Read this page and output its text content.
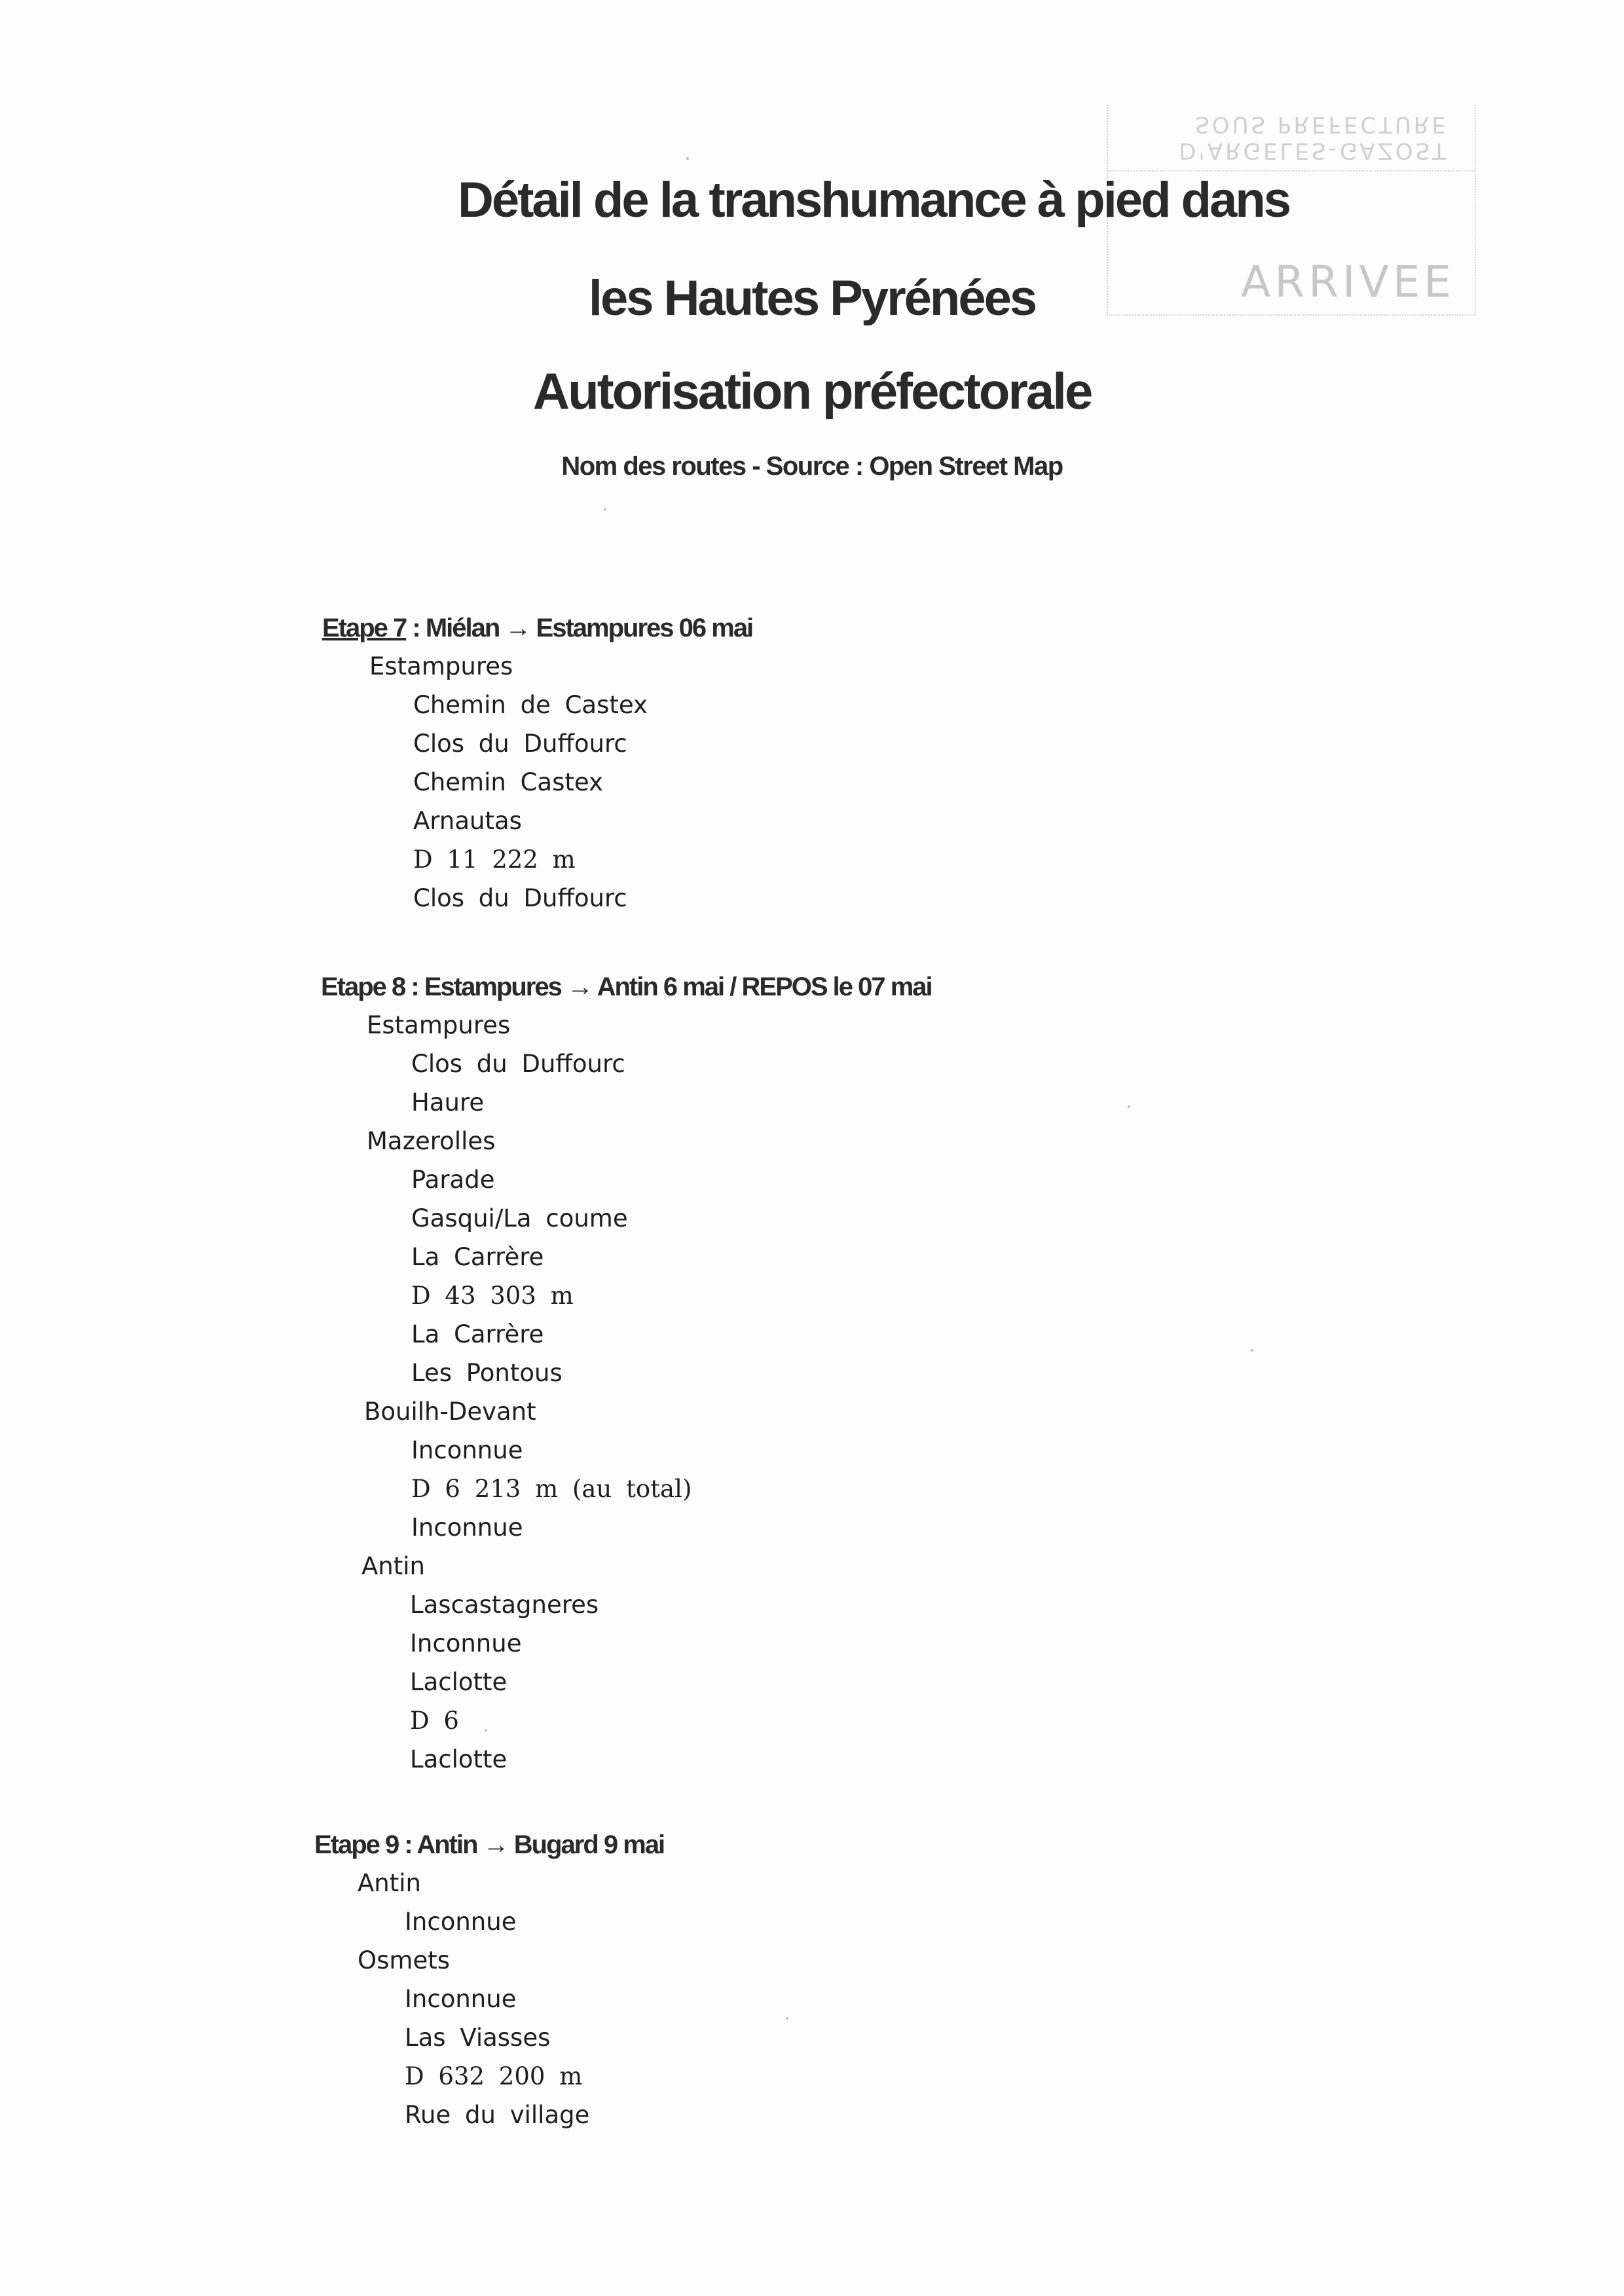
SOUS PREFECTURE
D'ARGELES-GAZOST
ARRIVEE
Détail de la transhumance à pied dans
les Hautes Pyrénées
Autorisation préfectorale
Nom des routes - Source : Open Street Map
Etape 7 : Miélan → Estampures 06 mai
Estampures
Chemin de Castex
Clos du Duffourc
Chemin Castex
Arnautas
D 11 222 m
Clos du Duffourc
Etape 8 : Estampures → Antin 6 mai / REPOS le 07 mai
Estampures
Clos du Duffourc
Haure
Mazerolles
Parade
Gasqui/La coume
La Carrère
D 43 303 m
La Carrère
Les Pontous
Bouilh-Devant
Inconnue
D 6 213 m (au total)
Inconnue
Antin
Lascastagneres
Inconnue
Laclotte
D 6
Laclotte
Etape 9 : Antin → Bugard 9 mai
Antin
Inconnue
Osmets
Inconnue
Las Viasses
D 632 200 m
Rue du village
